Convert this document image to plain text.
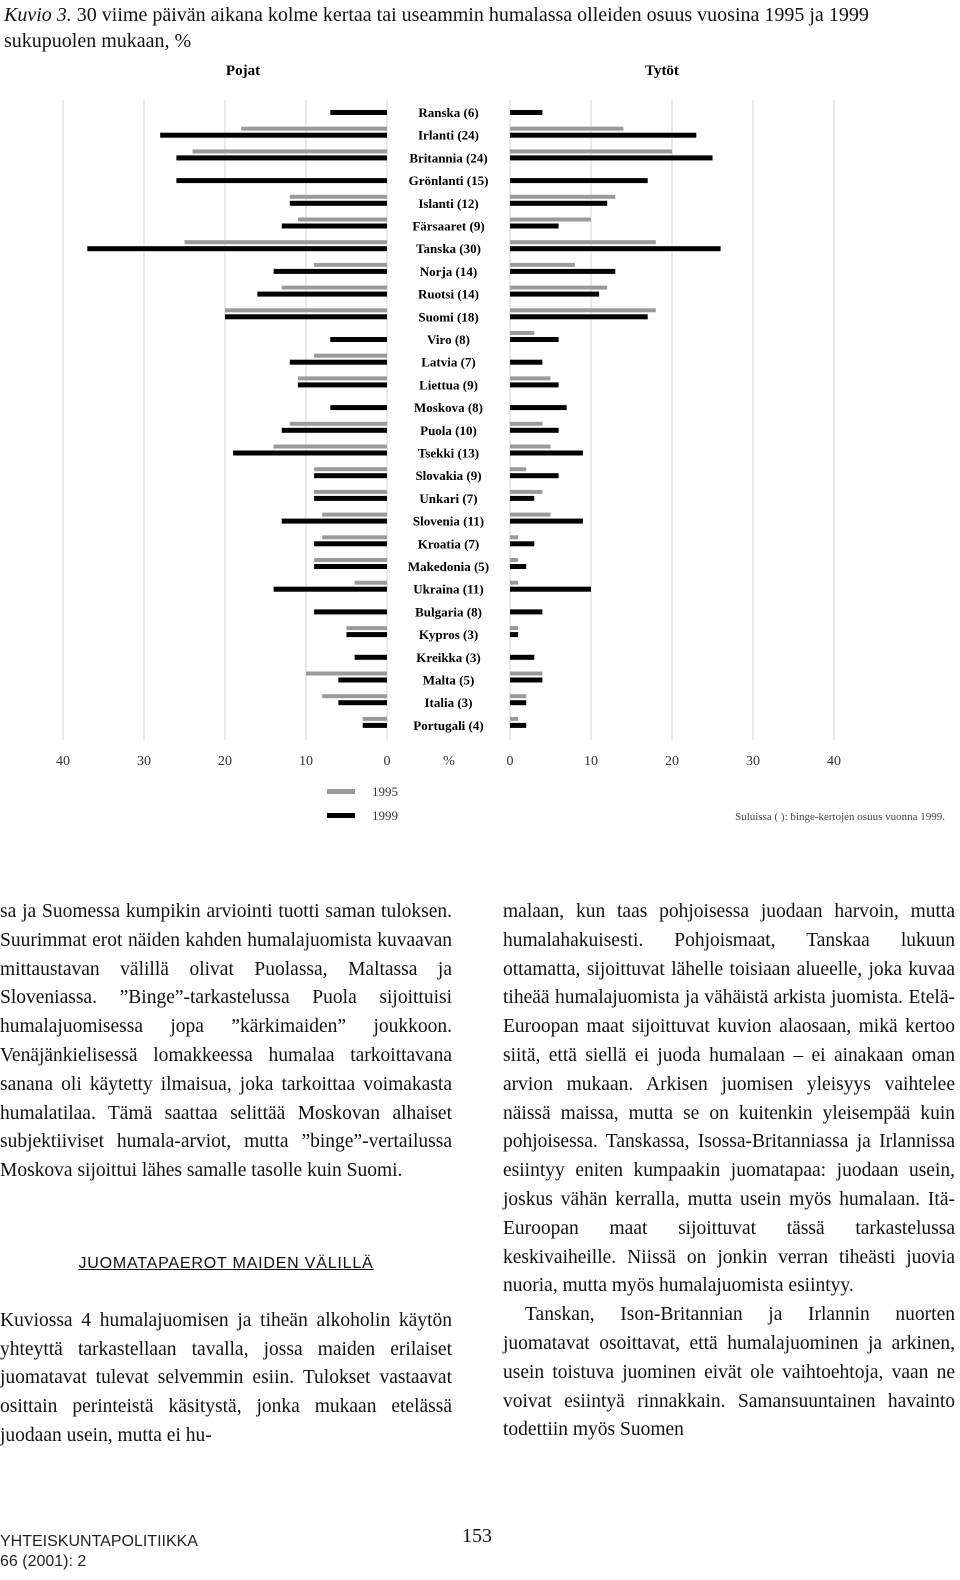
Kuvio 3. 30 viime päivän aikana kolme kertaa tai useammin humalassa olleiden osuus vuosina 1995 ja 1999 sukupuolen mukaan, %
Pojat	Tytöt
Ranska (6)
Irlanti (24)
Britannia (24)
Grönlanti (15)
Islanti (12)
Färsaaret (9)
Tanska (30)
Norja (14)
Ruotsi (14)
Suomi (18)
Viro (8)
Latvia (7)
Liettua (9)
Moskova (8)
Puola (10)
Tsekki (13)
Slovakia (9)
Unkari (7)
Slovenia (11)
Kroatia (7)
Makedonia (5)
Ukraina (11)
Bulgaria (8)
Kypros (3)
Kreikka (3)
Malta (5)
Italia (3)
Portugali (4)
40	30	20	10	0	0	10	20	30	40
%
1995
1999	Suluissa ( ): binge-kertojen osuus vuonna 1999.

sa ja Suomessa kumpikin arviointi tuotti saman tuloksen. Suurimmat erot näiden kahden humalajuomista kuvaavan mittaustavan välillä olivat Puolassa, Maltassa ja Sloveniassa. ”Binge”-tarkastelussa Puola sijoittuisi humalajuomisessa jopa ”kärkimaiden” joukkoon. Venäjänkielisessä lomakkeessa humalaa tarkoittavana sanana oli käytetty ilmaisua, joka tarkoittaa voimakasta humalatilaa. Tämä saattaa selittää Moskovan alhaiset subjektiiviset humala-arviot, mutta ”binge”-vertailussa Moskova sijoittui lähes samalle tasolle kuin Suomi.

JUOMATAPAEROT MAIDEN VÄLILLÄ

Kuviossa 4 humalajuomisen ja tiheän alkoholin käytön yhteyttä tarkastellaan tavalla, jossa maiden erilaiset juomatavat tulevat selvemmin esiin. Tulokset vastaavat osittain perinteistä käsitystä, jonka mukaan etelässä juodaan usein, mutta ei hu-

malaan, kun taas pohjoisessa juodaan harvoin, mutta humalahakuisesti. Pohjoismaat, Tanskaa lukuun ottamatta, sijoittuvat lähelle toisiaan alueelle, joka kuvaa tiheää humalajuomista ja vähäistä arkista juomista. Etelä-Euroopan maat sijoittuvat kuvion alaosaan, mikä kertoo siitä, että siellä ei juoda humalaan – ei ainakaan oman arvion mukaan. Arkisen juomisen yleisyys vaihtelee näissä maissa, mutta se on kuitenkin yleisempää kuin pohjoisessa. Tanskassa, Isossa-Britanniassa ja Irlannissa esiintyy eniten kumpaakin juomatapaa: juodaan usein, joskus vähän kerralla, mutta usein myös humalaan. Itä-Euroopan maat sijoittuvat tässä tarkastelussa keskivaiheille. Niissä on jonkin verran tiheästi juovia nuoria, mutta myös humalajuomista esiintyy.

Tanskan, Ison-Britannian ja Irlannin nuorten juomatavat osoittavat, että humalajuominen ja arkinen, usein toistuva juominen eivät ole vaihtoehtoja, vaan ne voivat esiintyä rinnakkain. Samansuuntainen havainto todettiin myös Suomen

YHTEISKUNTAPOLITIIKKA
66 (2001): 2
153
